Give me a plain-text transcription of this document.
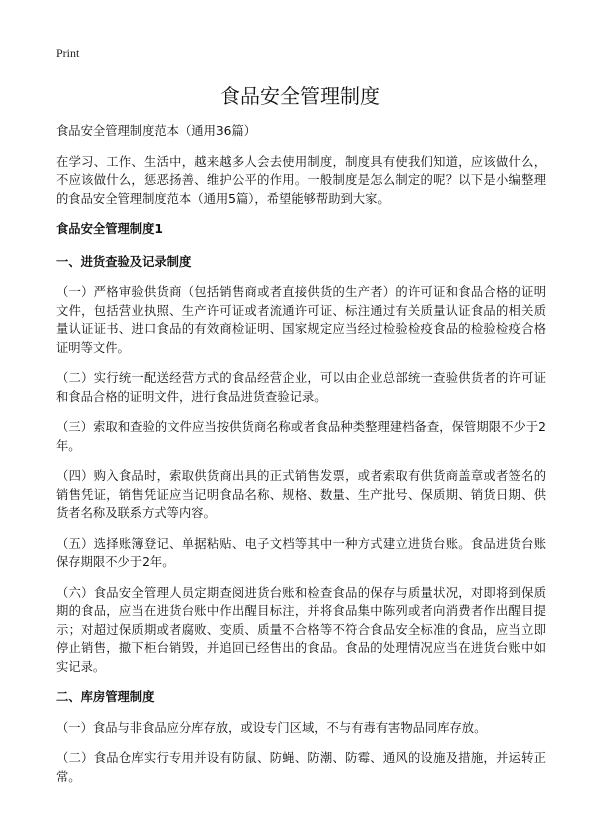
Print
食品安全管理制度

食品安全管理制度范本（通用36篇）

在学习、工作、生活中，越来越多人会去使用制度，制度具有使我们知道，应该做什么，不应该做什么，惩恶扬善、维护公平的作用。一般制度是怎么制定的呢？以下是小编整理的食品安全管理制度范本（通用5篇），希望能够帮助到大家。

食品安全管理制度1

一、进货查验及记录制度

（一）严格审验供货商（包括销售商或者直接供货的生产者）的许可证和食品合格的证明文件，包括营业执照、生产许可证或者流通许可证、标注通过有关质量认证食品的相关质量认证证书、进口食品的有效商检证明、国家规定应当经过检验检疫食品的检验检疫合格证明等文件。

（二）实行统一配送经营方式的食品经营企业，可以由企业总部统一查验供货者的许可证和食品合格的证明文件，进行食品进货查验记录。

（三）索取和查验的文件应当按供货商名称或者食品种类整理建档备查，保管期限不少于2年。

（四）购入食品时，索取供货商出具的正式销售发票，或者索取有供货商盖章或者签名的销售凭证，销售凭证应当记明食品名称、规格、数量、生产批号、保质期、销货日期、供货者名称及联系方式等内容。

（五）选择账簿登记、单据粘贴、电子文档等其中一种方式建立进货台账。食品进货台账保存期限不少于2年。

（六）食品安全管理人员定期查阅进货台账和检查食品的保存与质量状况，对即将到保质期的食品，应当在进货台账中作出醒目标注，并将食品集中陈列或者向消费者作出醒目提示；对超过保质期或者腐败、变质、质量不合格等不符合食品安全标准的食品，应当立即停止销售，撤下柜台销毁，并追回已经售出的食品。食品的处理情况应当在进货台账中如实记录。

二、库房管理制度

（一）食品与非食品应分库存放，或设专门区域，不与有毒有害物品同库存放。

（二）食品仓库实行专用并设有防鼠、防蝇、防潮、防霉、通风的设施及措施，并运转正常。
